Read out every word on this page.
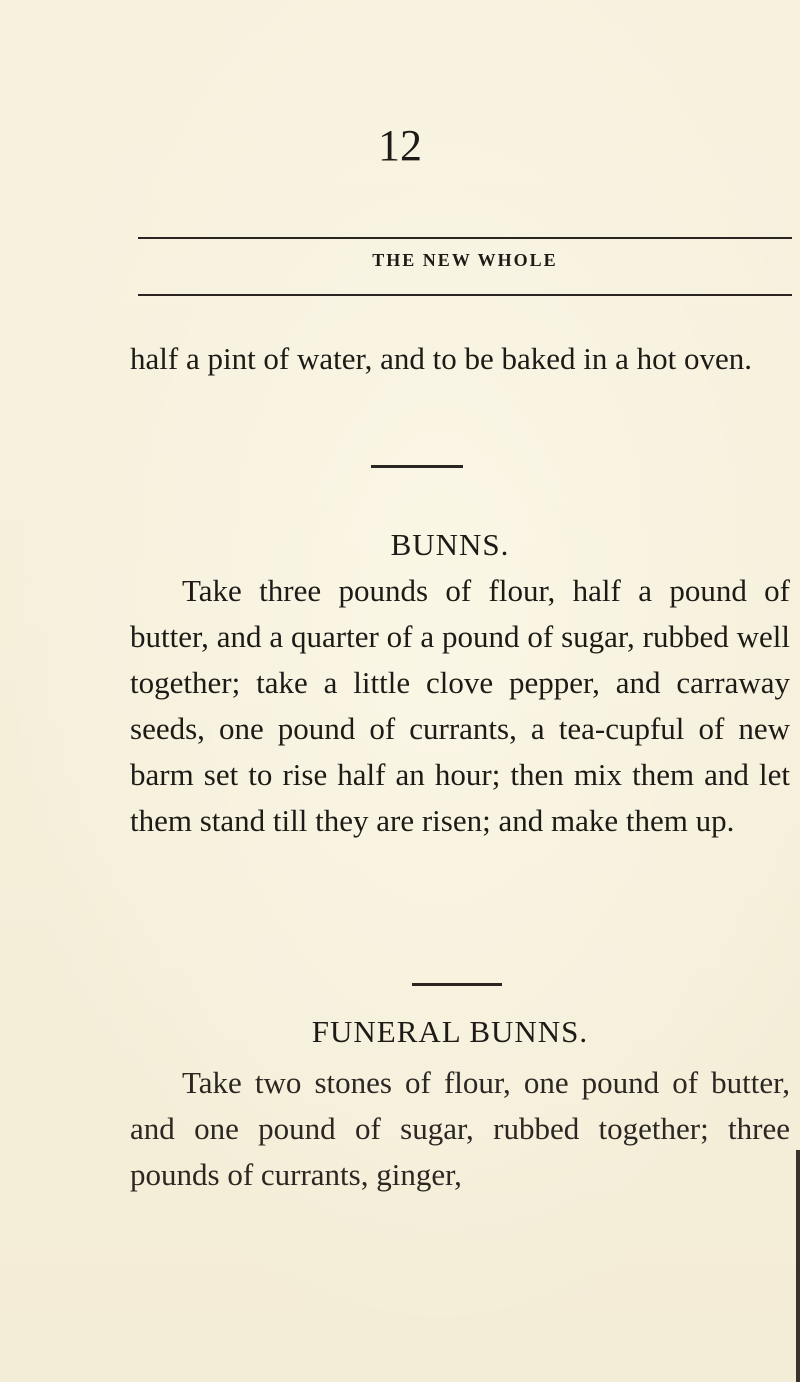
12
THE NEW WHOLE

half a pint of water, and to be baked in a hot oven.

BUNNS.

Take three pounds of flour, half a pound of butter, and a quarter of a pound of sugar, rubbed well together; take a little clove pepper, and carraway seeds, one pound of currants, a tea-cupful of new barm set to rise half an hour; then mix them and let them stand till they are risen; and make them up.

FUNERAL BUNNS.

Take two stones of flour, one pound of butter, and one pound of sugar, rubbed together; three pounds of currants, ginger,
